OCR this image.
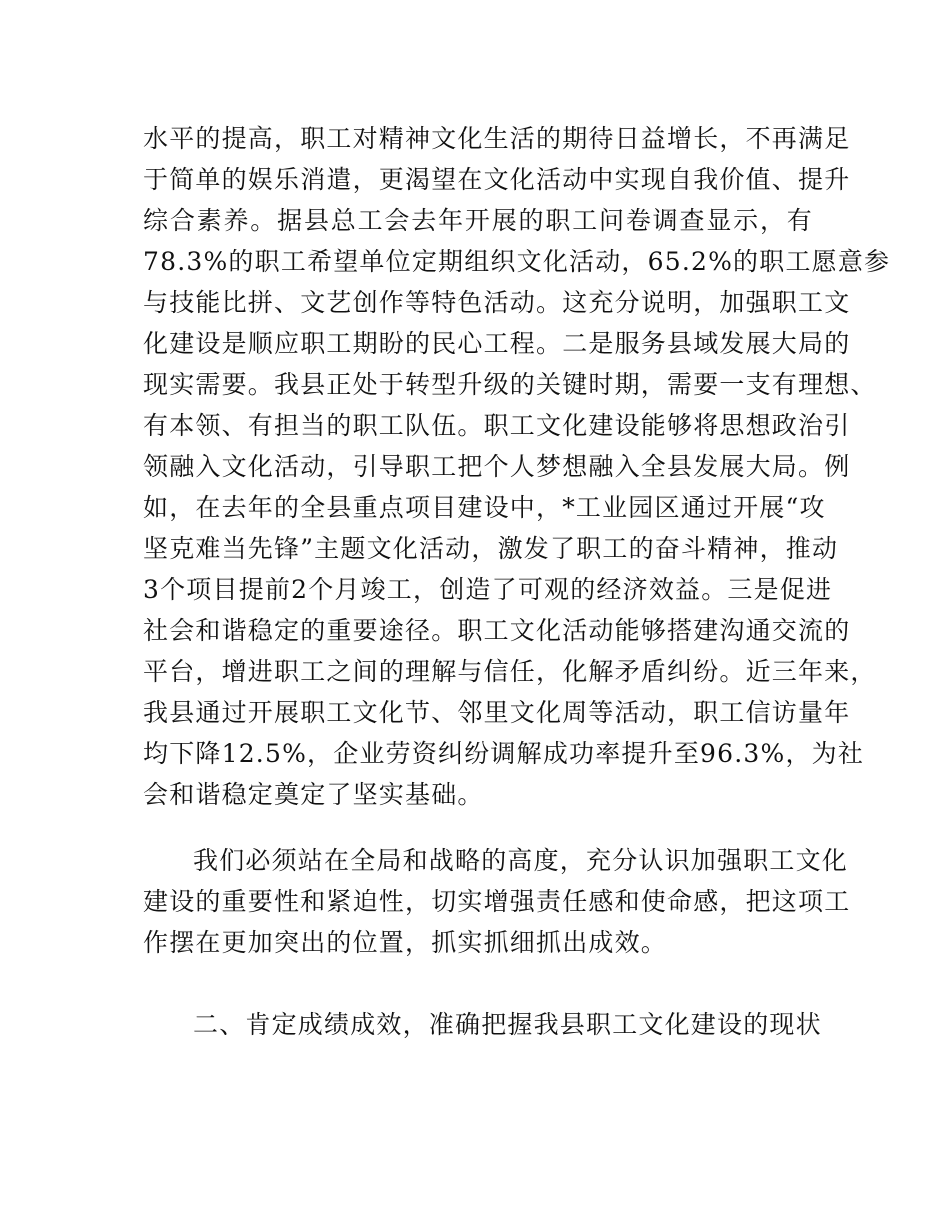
水平的提高，职工对精神文化生活的期待日益增长，不再满足
于简单的娱乐消遣，更渴望在文化活动中实现自我价值、提升
综合素养。据县总工会去年开展的职工问卷调查显示，有
78.3%的职工希望单位定期组织文化活动，65.2%的职工愿意参
与技能比拼、文艺创作等特色活动。这充分说明，加强职工文
化建设是顺应职工期盼的民心工程。二是服务县域发展大局的
现实需要。我县正处于转型升级的关键时期，需要一支有理想、
有本领、有担当的职工队伍。职工文化建设能够将思想政治引
领融入文化活动，引导职工把个人梦想融入全县发展大局。例
如，在去年的全县重点项目建设中，*工业园区通过开展“攻
坚克难当先锋”主题文化活动，激发了职工的奋斗精神，推动
3个项目提前2个月竣工，创造了可观的经济效益。三是促进
社会和谐稳定的重要途径。职工文化活动能够搭建沟通交流的
平台，增进职工之间的理解与信任，化解矛盾纠纷。近三年来，
我县通过开展职工文化节、邻里文化周等活动，职工信访量年
均下降12.5%，企业劳资纠纷调解成功率提升至96.3%，为社
会和谐稳定奠定了坚实基础。
我们必须站在全局和战略的高度，充分认识加强职工文化
建设的重要性和紧迫性，切实增强责任感和使命感，把这项工
作摆在更加突出的位置，抓实抓细抓出成效。
二、肯定成绩成效，准确把握我县职工文化建设的现状
